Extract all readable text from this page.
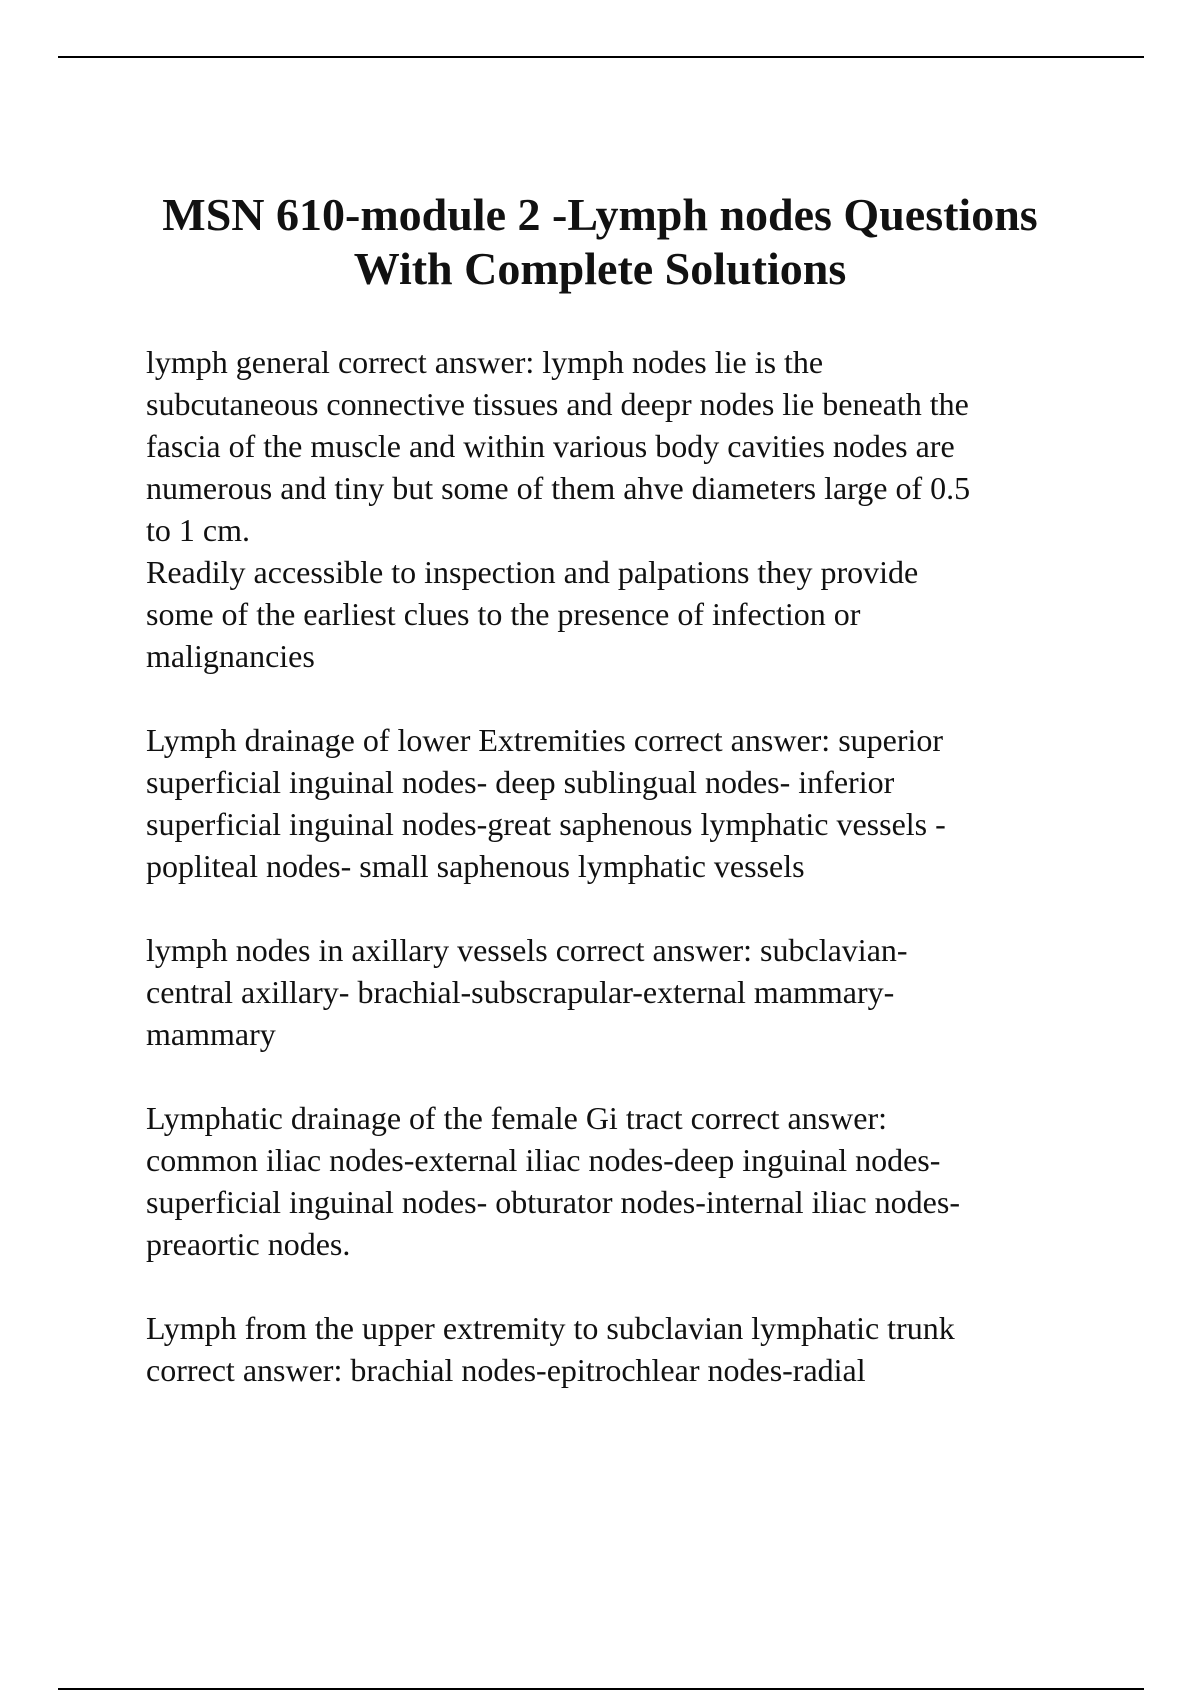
MSN 610-module 2 -Lymph nodes Questions
With Complete Solutions

lymph general correct answer: lymph nodes lie is the
subcutaneous connective tissues and deepr nodes lie beneath the
fascia of the muscle and within various body cavities nodes are
numerous and tiny but some of them ahve diameters large of 0.5
to 1 cm.
Readily accessible to inspection and palpations they provide
some of the earliest clues to the presence of infection or
malignancies

Lymph drainage of lower Extremities correct answer: superior
superficial inguinal nodes- deep sublingual nodes- inferior
superficial inguinal nodes-great saphenous lymphatic vessels -
popliteal nodes- small saphenous lymphatic vessels

lymph nodes in axillary vessels correct answer: subclavian-
central axillary- brachial-subscrapular-external mammary-
mammary

Lymphatic drainage of the female Gi tract correct answer:
common iliac nodes-external iliac nodes-deep inguinal nodes-
superficial inguinal nodes- obturator nodes-internal iliac nodes-
preaortic nodes.

Lymph from the upper extremity to subclavian lymphatic trunk
correct answer: brachial nodes-epitrochlear nodes-radial
